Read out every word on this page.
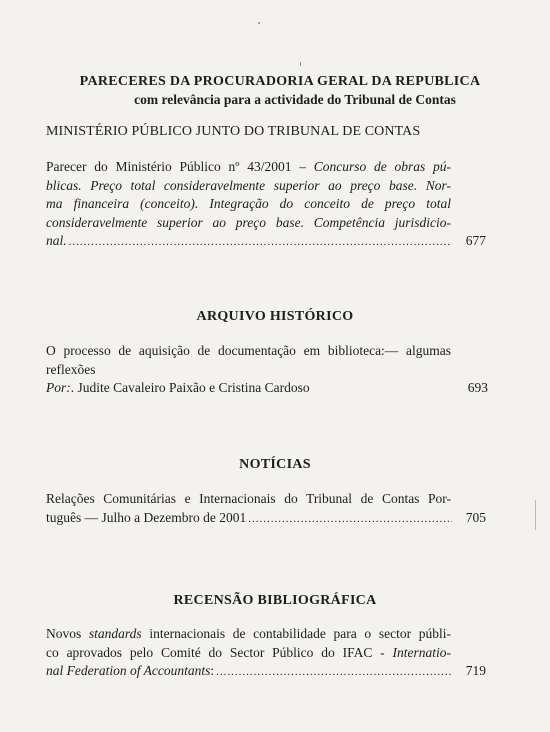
PARECERES DA PROCURADORIA GERAL DA REPUBLICA
com relevância para a actividade do Tribunal de Contas
MINISTÉRIO PÚBLICO JUNTO DO TRIBUNAL DE CONTAS
Parecer do Ministério Público nº 43/2001 – Concurso de obras pú-
blicas. Preço total consideravelmente superior ao preço base. Nor-
ma financeira (conceito). Integração do conceito de preço total
consideravelmente superior ao preço base. Competência jurisdicio-
nal. .....	677
ARQUIVO HISTÓRICO
O processo de aquisição de documentação em biblioteca:— algumas
reflexões
Por:. Judite Cavaleiro Paixão e Cristina Cardoso	693
NOTÍCIAS
Relações Comunitárias e Internacionais do Tribunal de Contas Por-
tuguês — Julho a Dezembro de 2001 .....	705
RECENSÃO BIBLIOGRÁFICA
Novos standards internacionais de contabilidade para o sector públi-
co aprovados pelo Comité do Sector Público do IFAC - Internatio-
nal Federation of Accountants: .....	719
